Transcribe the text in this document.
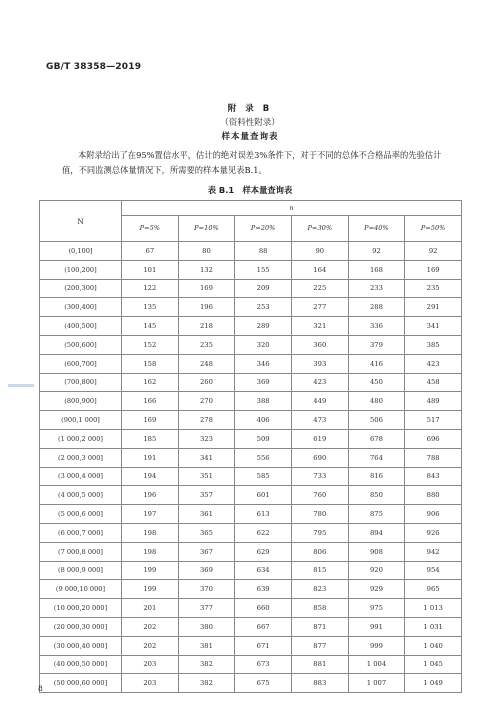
GB/T 38358—2019
附 录 B
（资料性附录）
样本量查询表
本附录给出了在95%置信水平，估计的绝对误差3%条件下，对于不同的总体不合格品率的先验估计值，不同监测总体量情况下，所需要的样本量见表B.1。
表 B.1　样本量查询表
N	n					
	P=5%	P=10%	P=20%	P=30%	P=40%	P=50%
(0,100]	67	80	88	90	92	92
(100,200]	101	132	155	164	168	169
(200,300]	122	169	209	225	233	235
(300,400]	135	196	253	277	288	291
(400,500]	145	218	289	321	336	341
(500,600]	152	235	320	360	379	385
(600,700]	158	248	346	393	416	423
(700,800]	162	260	369	423	450	458
(800,900]	166	270	388	449	480	489
(900,1 000]	169	278	406	473	506	517
(1 000,2 000]	185	323	509	619	678	696
(2 000,3 000]	191	341	556	690	764	788
(3 000,4 000]	194	351	585	733	816	843
(4 000,5 000]	196	357	601	760	850	880
(5 000,6 000]	197	361	613	780	875	906
(6 000,7 000]	198	365	622	795	894	926
(7 000,8 000]	198	367	629	806	908	942
(8 000,9 000]	199	369	634	815	920	954
(9 000,10 000]	199	370	639	823	929	965
(10 000,20 000]	201	377	660	858	975	1 013
(20 000,30 000]	202	380	667	871	991	1 031
(30 000,40 000]	202	381	671	877	999	1 040
(40 000,50 000]	203	382	673	881	1 004	1 045
(50 000,60 000]	203	382	675	883	1 007	1 049
8
